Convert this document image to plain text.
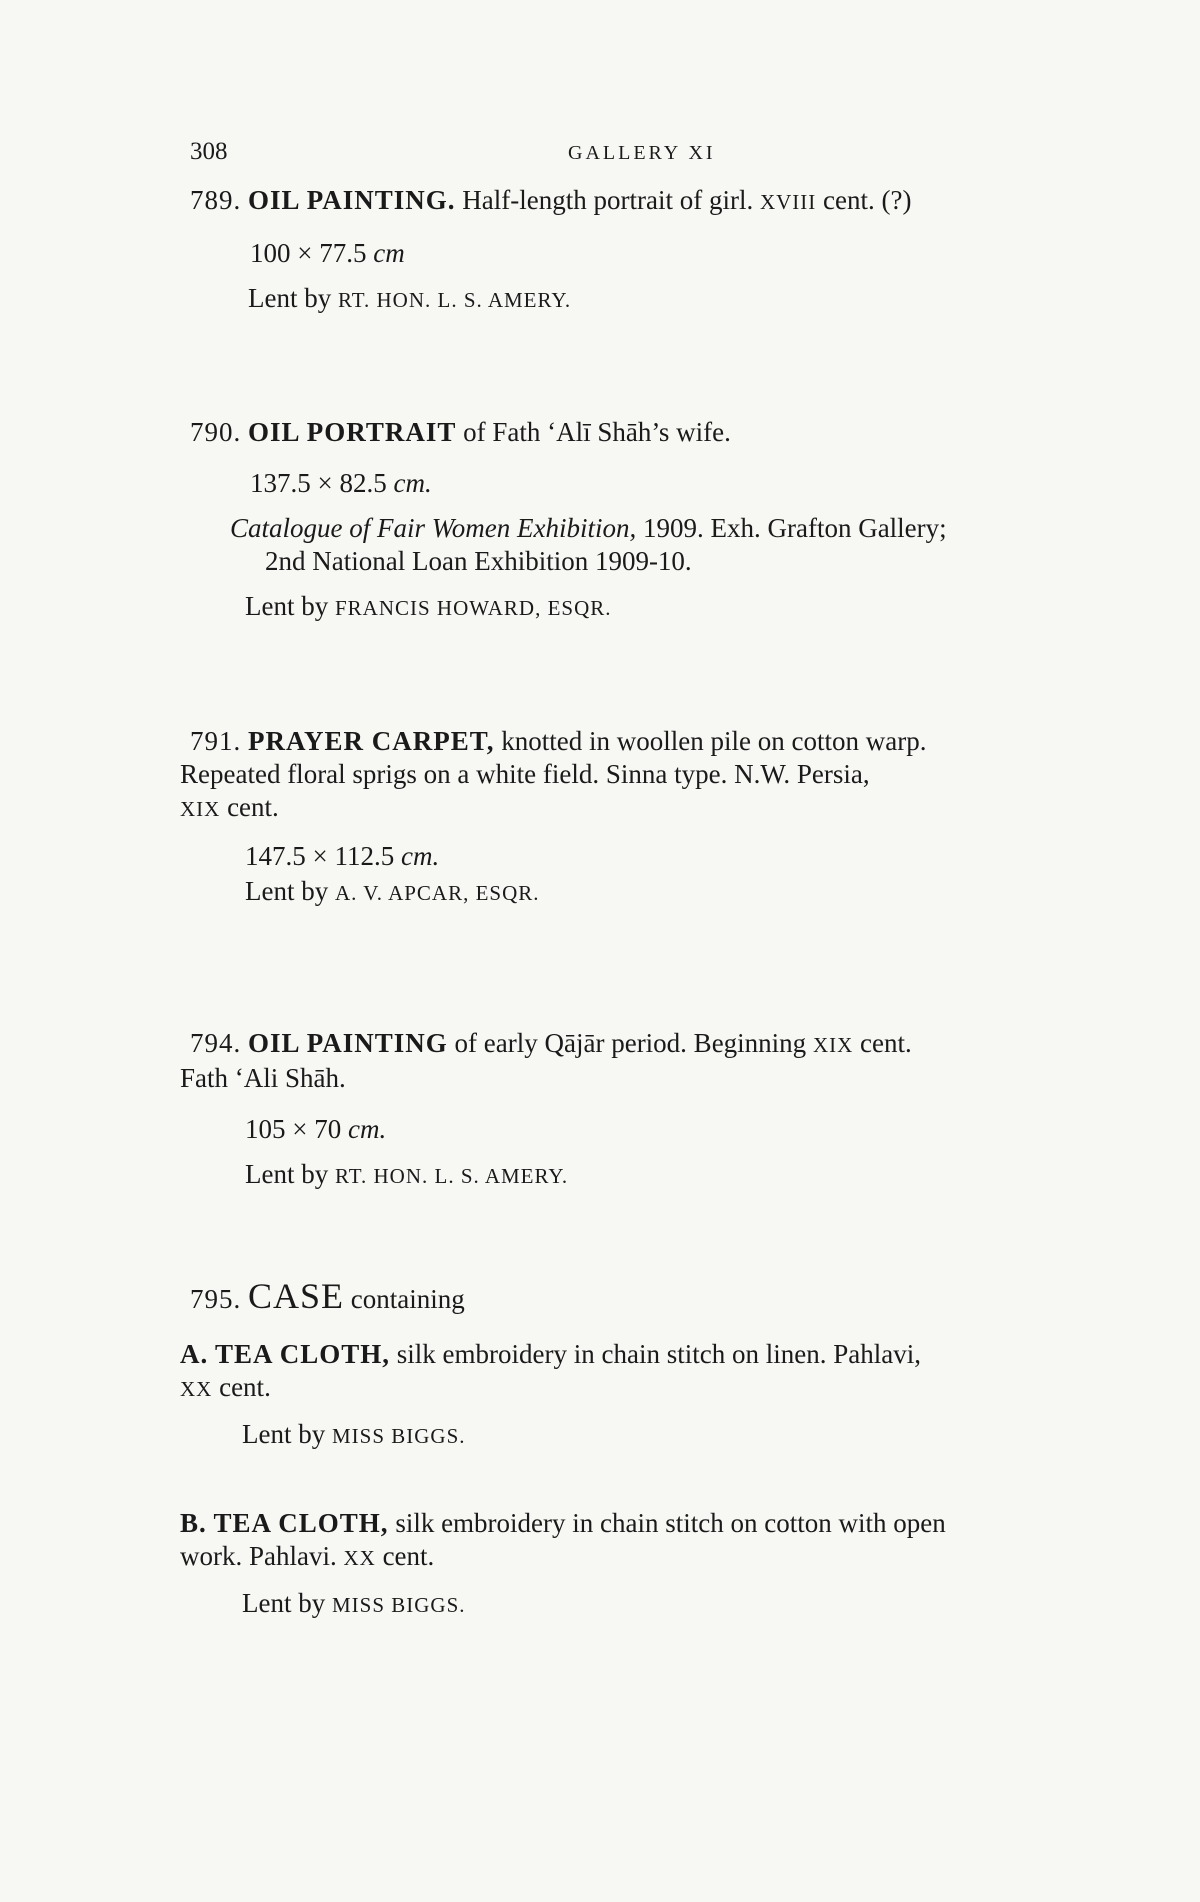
308	GALLERY XI
789. OIL PAINTING. Half-length portrait of girl. XVIII cent. (?)
100 × 77.5 cm
Lent by RT. HON. L. S. AMERY.
790. OIL PORTRAIT of Fath ‘Alī Shāh’s wife.
137.5 × 82.5 cm.
Catalogue of Fair Women Exhibition, 1909. Exh. Grafton Gallery;
2nd National Loan Exhibition 1909-10.
Lent by FRANCIS HOWARD, ESQR.
791. PRAYER CARPET, knotted in woollen pile on cotton warp.
Repeated floral sprigs on a white field. Sinna type. N.W. Persia,
XIX cent.
147.5 × 112.5 cm.
Lent by A. V. APCAR, ESQR.
794. OIL PAINTING of early Qājār period. Beginning XIX cent.
Fath ‘Ali Shāh.
105 × 70 cm.
Lent by RT. HON. L. S. AMERY.
795. CASE containing
A. TEA CLOTH, silk embroidery in chain stitch on linen. Pahlavi,
XX cent.
Lent by MISS BIGGS.
B. TEA CLOTH, silk embroidery in chain stitch on cotton with open
work. Pahlavi. XX cent.
Lent by MISS BIGGS.
